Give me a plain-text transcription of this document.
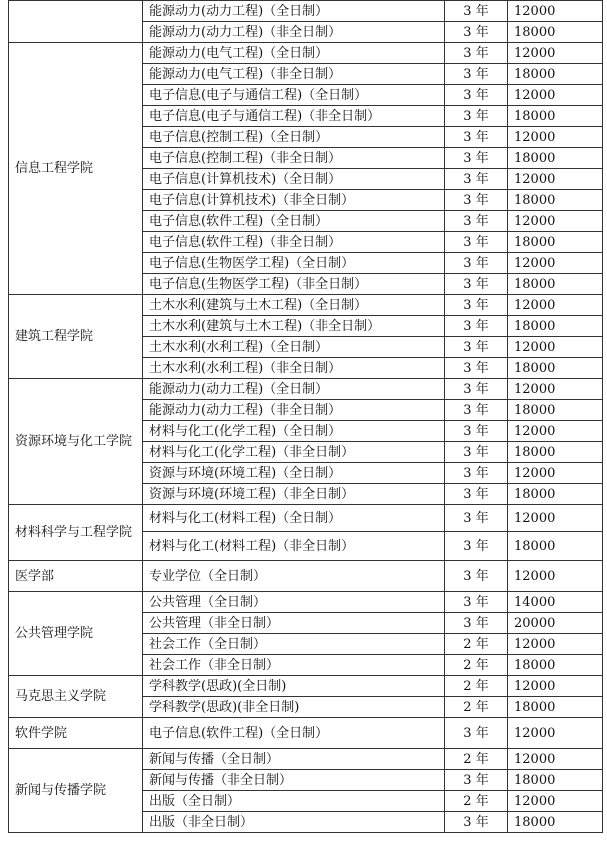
	能源动力(动力工程)（全日制）	3 年	12000
	能源动力(动力工程)（非全日制）	3 年	18000
信息工程学院	能源动力(电气工程)（全日制）	3 年	12000
	能源动力(电气工程)（非全日制）	3 年	18000
	电子信息(电子与通信工程)（全日制）	3 年	12000
	电子信息(电子与通信工程)（非全日制）	3 年	18000
	电子信息(控制工程)（全日制）	3 年	12000
	电子信息(控制工程)（非全日制）	3 年	18000
	电子信息(计算机技术)（全日制）	3 年	12000
	电子信息(计算机技术)（非全日制）	3 年	18000
	电子信息(软件工程)（全日制）	3 年	12000
	电子信息(软件工程)（非全日制）	3 年	18000
	电子信息(生物医学工程)（全日制）	3 年	12000
	电子信息(生物医学工程)（非全日制）	3 年	18000
建筑工程学院	土木水利(建筑与土木工程)（全日制）	3 年	12000
	土木水利(建筑与土木工程)（非全日制）	3 年	18000
	土木水利(水利工程)（全日制）	3 年	12000
	土木水利(水利工程)（非全日制）	3 年	18000
资源环境与化工学院	能源动力(动力工程)（全日制）	3 年	12000
	能源动力(动力工程)（非全日制）	3 年	18000
	材料与化工(化学工程)（全日制）	3 年	12000
	材料与化工(化学工程)（非全日制）	3 年	18000
	资源与环境(环境工程)（全日制）	3 年	12000
	资源与环境(环境工程)（非全日制）	3 年	18000
材料科学与工程学院	材料与化工(材料工程)（全日制）	3 年	12000
	材料与化工(材料工程)（非全日制）	3 年	18000
医学部	专业学位（全日制）	3 年	12000
公共管理学院	公共管理（全日制）	3 年	14000
	公共管理（非全日制）	3 年	20000
	社会工作（全日制）	2 年	12000
	社会工作（非全日制）	2 年	18000
马克思主义学院	学科教学(思政)(全日制)	2 年	12000
	学科教学(思政)(非全日制)	2 年	18000
软件学院	电子信息(软件工程)（全日制）	3 年	12000
新闻与传播学院	新闻与传播（全日制）	2 年	12000
	新闻与传播（非全日制）	3 年	18000
	出版（全日制）	2 年	12000
	出版（非全日制）	3 年	18000
